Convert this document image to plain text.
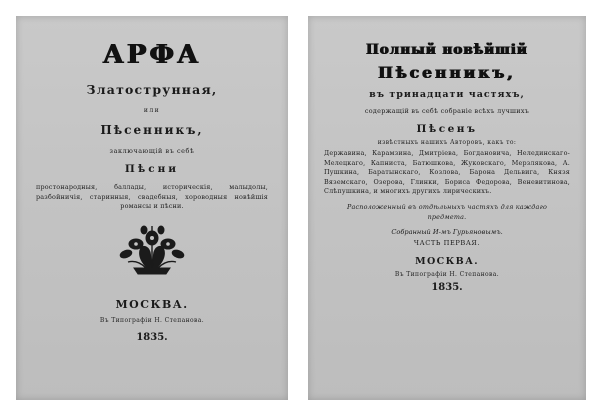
АРФА
Златострунная,
или
Пѣсенникъ,
заключающій въ себѣ
Пѣсни
простонародныя, баллады, историческія, малыдолы, разбойничія, старинныя, свадебныя, хороводныя новѣйшія романсы и пѣсни.
МОСКВА.
Въ Типографіи Н. Степанова.
1835.
Полный новѣйшій
Пѣсенникъ,
въ тринадцати частяхъ,
содержащій въ себѣ собраніе всѣхъ лучшихъ
Пѣсенъ
извѣстныхъ нашихъ Авторовъ, какъ то:
Державина, Карамзина, Дмитріева, Богдановича, Нелединскаго-Мелецкаго, Капниста, Батюшкова, Жуковскаго, Мерзлякова, А. Пушкина, Баратынскаго, Козлова, Барона Дельвига, Князя Вяземскаго, Озерова, Глинки, Бориса Федорова, Веневитинова, Слѣпушкина, и многихъ другихъ лирическихъ.
Расположенный въ отдѣльныхъ частяхъ для каждаго предмета.
Собранный И-мъ Гурьяновымъ.
ЧАСТЬ ПЕРВАЯ.
МОСКВА.
Въ Типографіи Н. Степанова.
1835.
